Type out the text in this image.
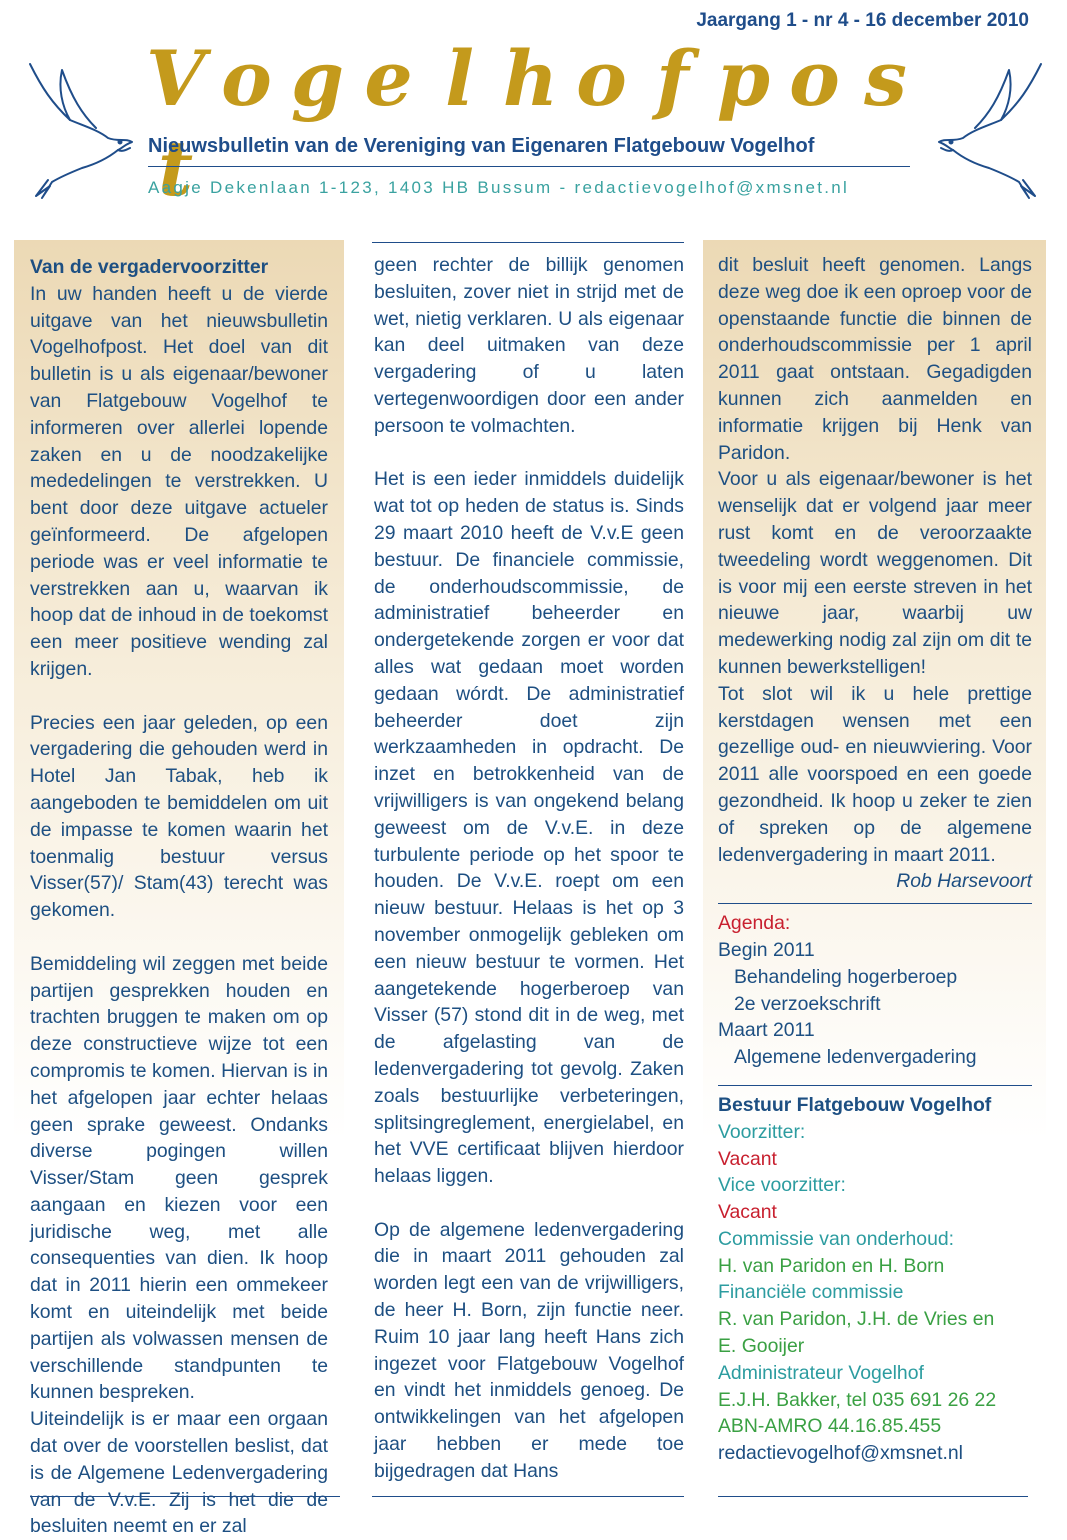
Jaargang 1 - nr 4 - 16 december 2010
V o g e l h o f p o st
Nieuwsbulletin van de Vereniging van Eigenaren Flatgebouw Vogelhof
Aagje Dekenlaan 1-123, 1403 HB Bussum - redactievogelhof@xmsnet.nl

Van de vergadervoorzitter

In uw handen heeft u de vierde uitgave van het nieuwsbulletin Vogelhofpost. Het doel van dit bulletin is u als eigenaar/bewoner van Flatgebouw Vogelhof te informeren over allerlei lopende zaken en u de noodzakelijke mededelingen te verstrekken. U bent door deze uitgave actueler geïnformeerd. De afgelopen periode was er veel informatie te verstrekken aan u, waarvan ik hoop dat de inhoud in de toekomst een meer positieve wending zal krijgen.

Precies een jaar geleden, op een vergadering die gehouden werd in Hotel Jan Tabak, heb ik aangeboden te bemiddelen om uit de impasse te komen waarin het toenmalig bestuur versus Visser(57)/ Stam(43) terecht was gekomen.

Bemiddeling wil zeggen met beide partijen gesprekken houden en trachten bruggen te maken om op deze constructieve wijze tot een compromis te komen. Hiervan is in het afgelopen jaar echter helaas geen sprake geweest. Ondanks diverse pogingen willen Visser/Stam geen gesprek aangaan en kiezen voor een juridische weg, met alle consequenties van dien. Ik hoop dat in 2011 hierin een ommekeer komt en uiteindelijk met beide partijen als volwassen mensen de verschillende standpunten te kunnen bespreken.

Uiteindelijk is er maar een orgaan dat over de voorstellen beslist, dat is de Algemene Ledenvergadering van de V.v.E. Zij is het die de besluiten neemt en er zal

geen rechter de billijk genomen besluiten, zover niet in strijd met de wet, nietig verklaren. U als eigenaar kan deel uitmaken van deze vergadering of u laten vertegenwoordigen door een ander persoon te volmachten.

Het is een ieder inmiddels duidelijk wat tot op heden de status is. Sinds 29 maart 2010 heeft de V.v.E geen bestuur. De financiele commissie, de onderhoudscommissie, de administratief beheerder en ondergetekende zorgen er voor dat alles wat gedaan moet worden gedaan wórdt. De administratief beheerder doet zijn werkzaamheden in opdracht. De inzet en betrokkenheid van de vrijwilligers is van ongekend belang geweest om de V.v.E. in deze turbulente periode op het spoor te houden. De V.v.E. roept om een nieuw bestuur. Helaas is het op 3 november onmogelijk gebleken om een nieuw bestuur te vormen. Het aangetekende hogerberoep van Visser (57) stond dit in de weg, met de afgelasting van de ledenvergadering tot gevolg. Zaken zoals bestuurlijke verbeteringen, splitsingreglement, energielabel, en het VVE certificaat blijven hierdoor helaas liggen.

Op de algemene ledenvergadering die in maart 2011 gehouden zal worden legt een van de vrijwilligers, de heer H. Born, zijn functie neer. Ruim 10 jaar lang heeft Hans zich ingezet voor Flatgebouw Vogelhof en vindt het inmiddels genoeg. De ontwikkelingen van het afgelopen jaar hebben er mede toe bijgedragen dat Hans

dit besluit heeft genomen. Langs deze weg doe ik een oproep voor de openstaande functie die binnen de onderhoudscommissie per 1 april 2011 gaat ontstaan. Gegadigden kunnen zich aanmelden en informatie krijgen bij Henk van Paridon.

Voor u als eigenaar/bewoner is het wenselijk dat er volgend jaar meer rust komt en de veroorzaakte tweedeling wordt weggenomen. Dit is voor mij een eerste streven in het nieuwe jaar, waarbij uw medewerking nodig zal zijn om dit te kunnen bewerkstelligen!

Tot slot wil ik u hele prettige kerstdagen wensen met een gezellige oud- en nieuwviering. Voor 2011 alle voorspoed en een goede gezondheid. Ik hoop u zeker te zien of spreken op de algemene ledenvergadering in maart 2011.

Rob Harsevoort

Agenda:
Begin 2011
Behandeling hogerberoep
2e verzoekschrift
Maart 2011
Algemene ledenvergadering
Bestuur Flatgebouw Vogelhof
Voorzitter:
Vacant
Vice voorzitter:
Vacant
Commissie van onderhoud:
H. van Paridon en H. Born
Financiële commissie
R. van Paridon, J.H. de Vries en
E. Gooijer
Administrateur Vogelhof
E.J.H. Bakker, tel 035 691 26 22
ABN-AMRO 44.16.85.455
redactievogelhof@xmsnet.nl
